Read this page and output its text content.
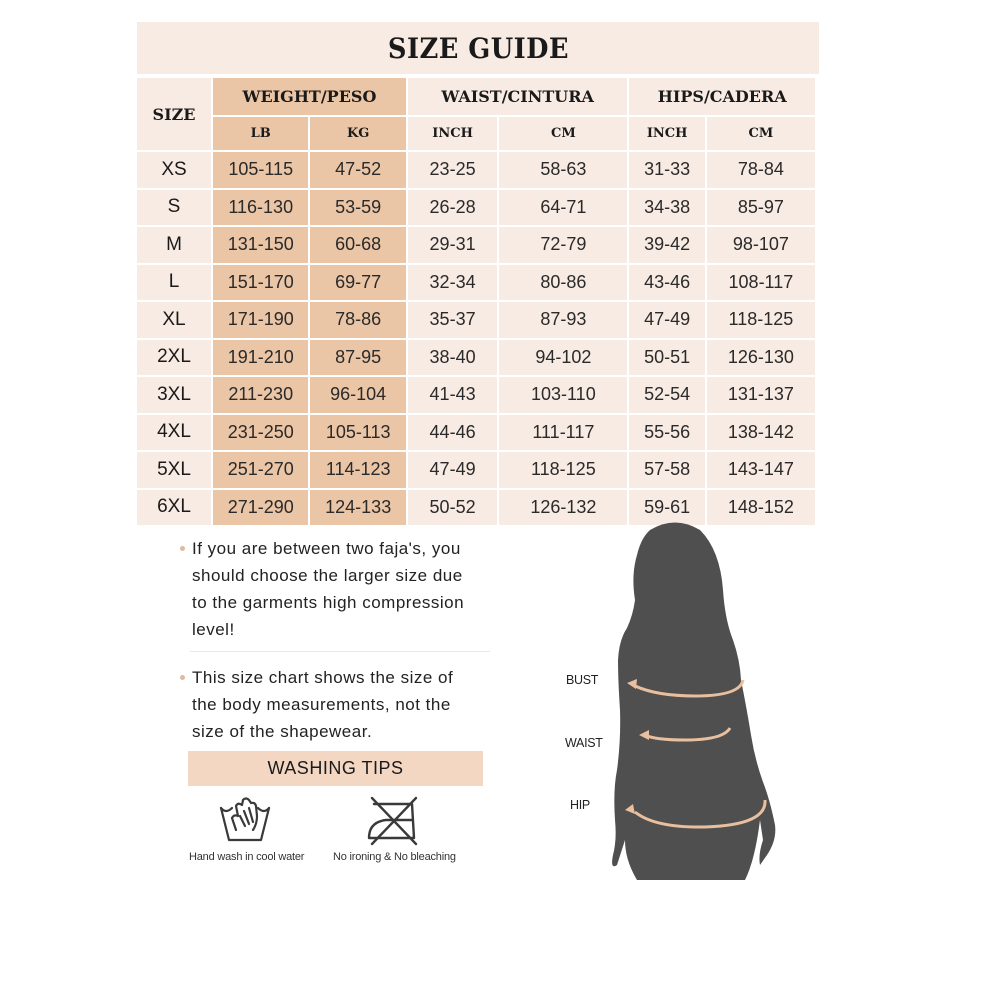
SIZE GUIDE
SIZE	WEIGHT/PESO		WAIST/CINTURA		HIPS/CADERA	
	LB	KG	INCH	CM	INCH	CM
XS	105-115	47-52	23-25	58-63	31-33	78-84
S	116-130	53-59	26-28	64-71	34-38	85-97
M	131-150	60-68	29-31	72-79	39-42	98-107
L	151-170	69-77	32-34	80-86	43-46	108-117
XL	171-190	78-86	35-37	87-93	47-49	118-125
2XL	191-210	87-95	38-40	94-102	50-51	126-130
3XL	211-230	96-104	41-43	103-110	52-54	131-137
4XL	231-250	105-113	44-46	111-117	55-56	138-142
5XL	251-270	114-123	47-49	118-125	57-58	143-147
6XL	271-290	124-133	50-52	126-132	59-61	148-152
If you are between two faja's, you
should choose the larger size due
to the garments high compression
level!
This size chart shows the size of
the body measurements, not the
size of the shapewear.
WASHING TIPS
Hand wash in cool water	No ironing & No bleaching
BUST
WAIST
HIP
